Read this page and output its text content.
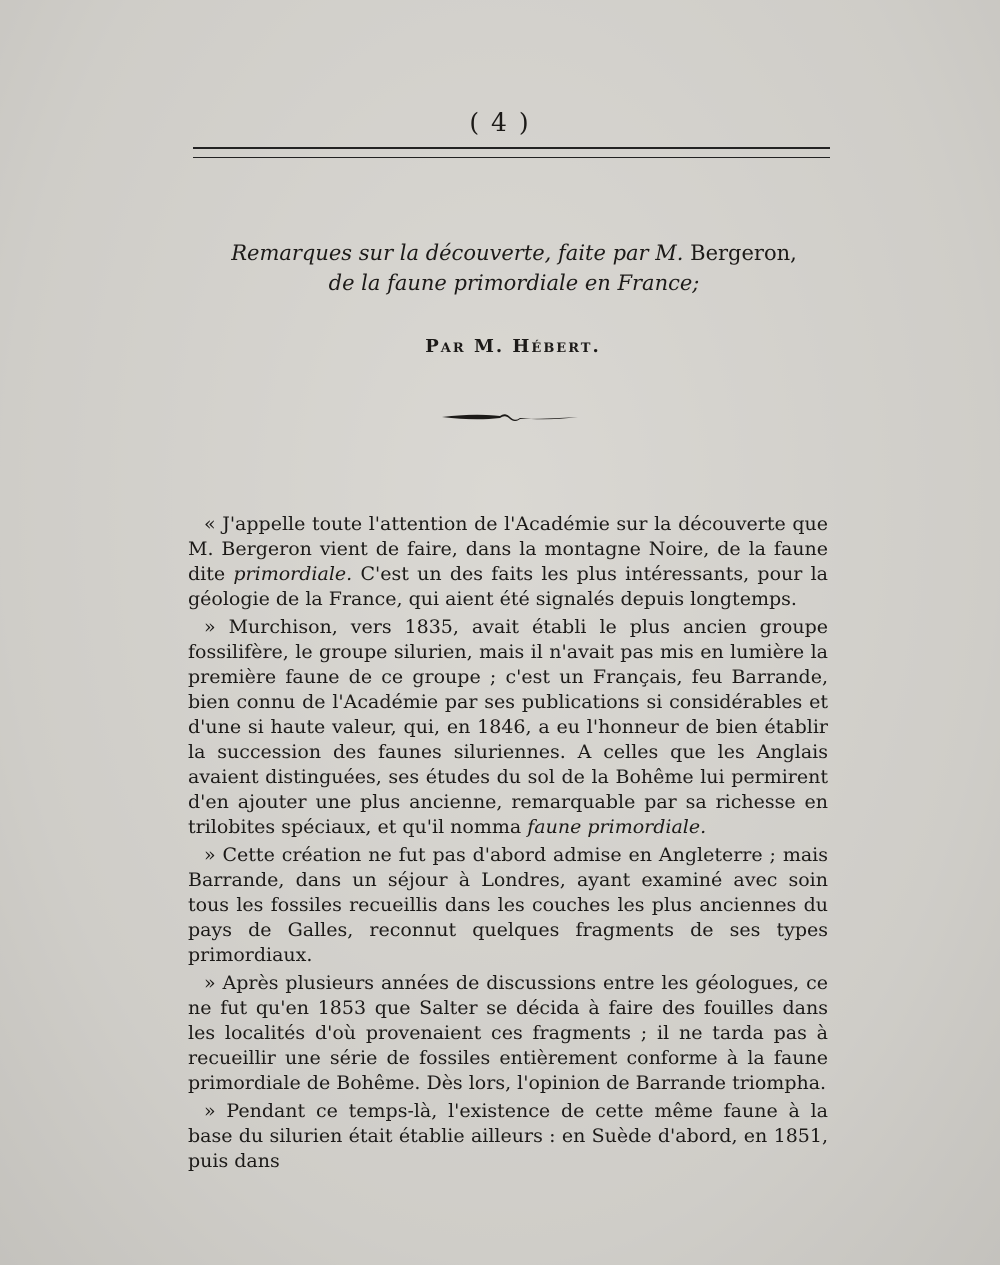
( 4 )
Remarques sur la découverte, faite par M. Bergeron,
de la faune primordiale en France;
Par M. Hébert.

« J'appelle toute l'attention de l'Académie sur la découverte que M. Bergeron vient de faire, dans la montagne Noire, de la faune dite primordiale. C'est un des faits les plus intéressants, pour la géologie de la France, qui aient été signalés depuis longtemps.

» Murchison, vers 1835, avait établi le plus ancien groupe fossilifère, le groupe silurien, mais il n'avait pas mis en lumière la première faune de ce groupe ; c'est un Français, feu Barrande, bien connu de l'Académie par ses publications si considérables et d'une si haute valeur, qui, en 1846, a eu l'honneur de bien établir la succession des faunes siluriennes. A celles que les Anglais avaient distinguées, ses études du sol de la Bohême lui permirent d'en ajouter une plus ancienne, remarquable par sa richesse en trilobites spéciaux, et qu'il nomma faune primordiale.

» Cette création ne fut pas d'abord admise en Angleterre ; mais Barrande, dans un séjour à Londres, ayant examiné avec soin tous les fossiles recueillis dans les couches les plus anciennes du pays de Galles, reconnut quelques fragments de ses types primordiaux.

» Après plusieurs années de discussions entre les géologues, ce ne fut qu'en 1853 que Salter se décida à faire des fouilles dans les localités d'où provenaient ces fragments ; il ne tarda pas à recueillir une série de fossiles entièrement conforme à la faune primordiale de Bohême. Dès lors, l'opinion de Barrande triompha.

» Pendant ce temps-là, l'existence de cette même faune à la base du silurien était établie ailleurs : en Suède d'abord, en 1851, puis dans
